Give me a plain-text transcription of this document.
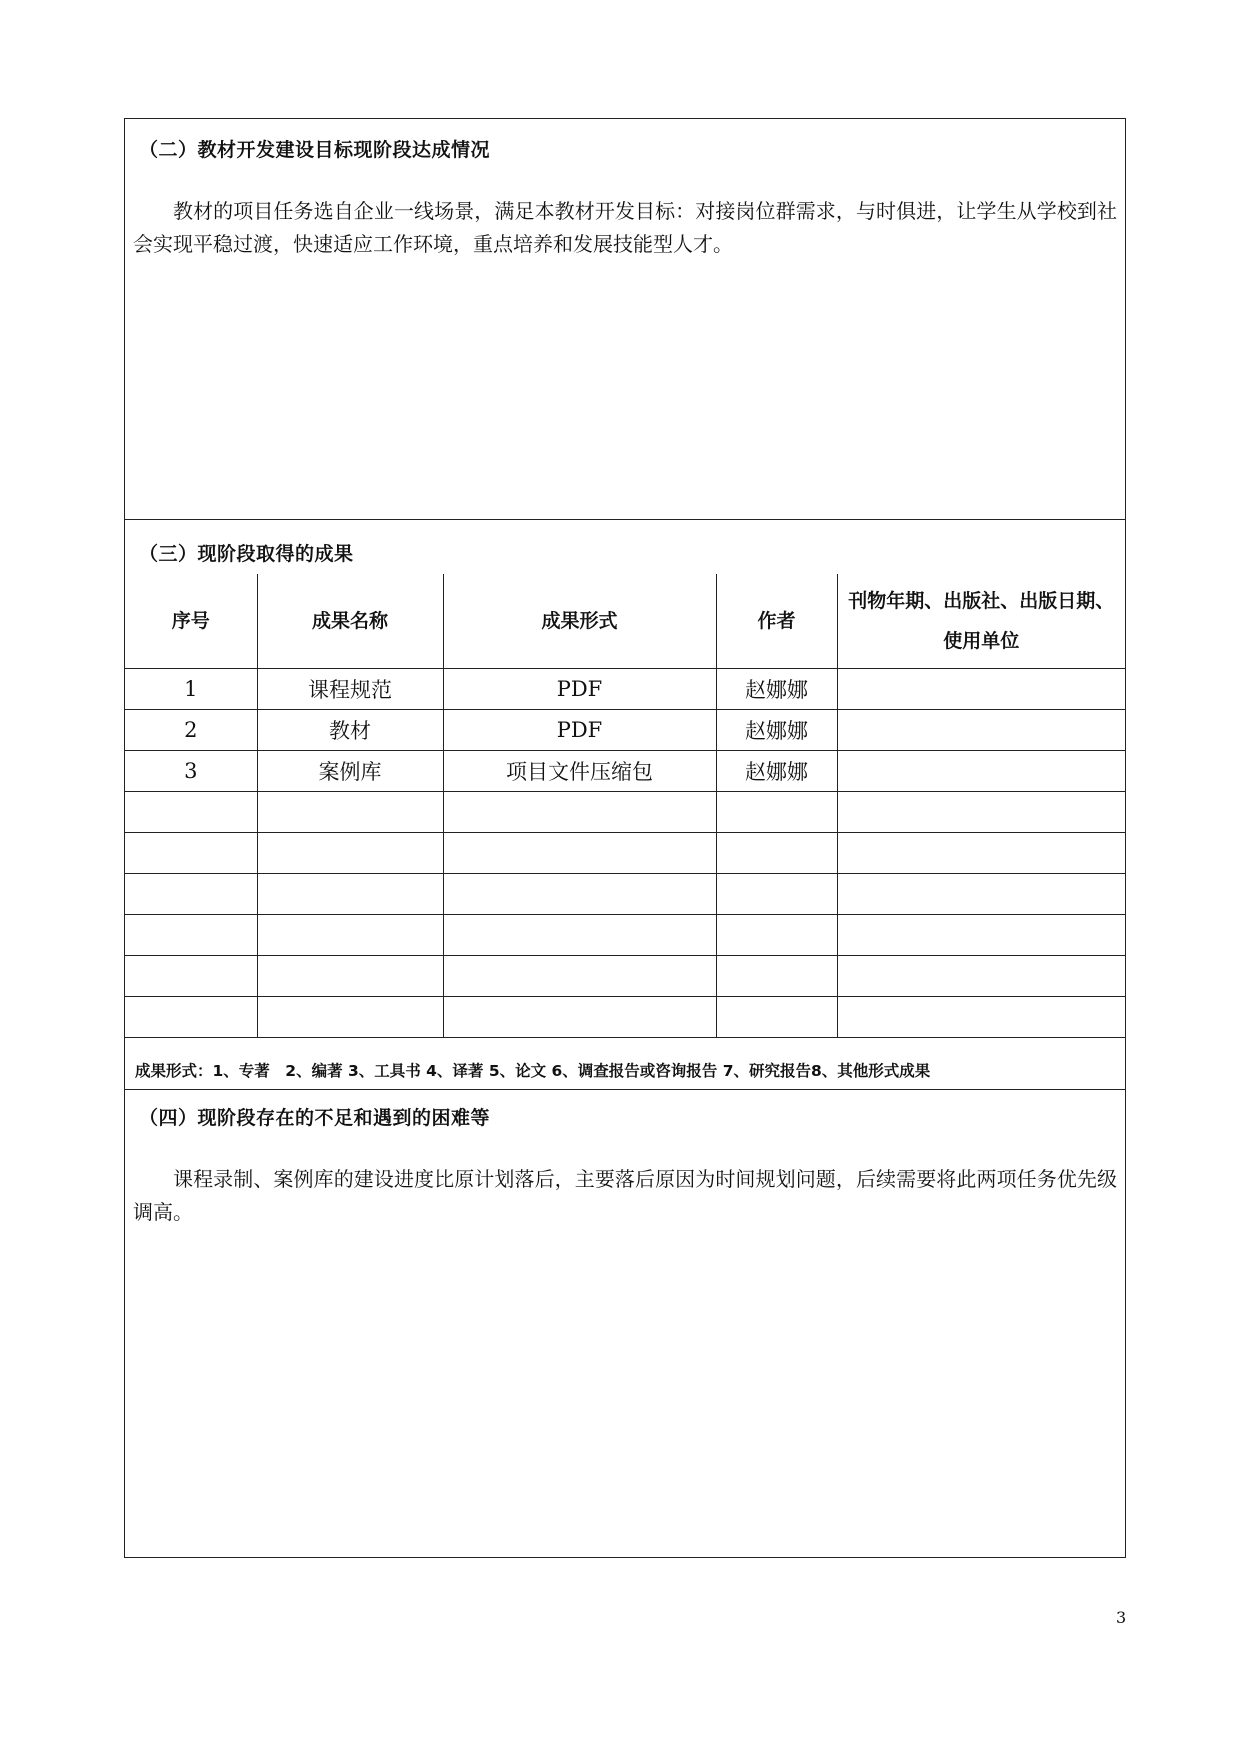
（二）教材开发建设目标现阶段达成情况
教材的项目任务选自企业一线场景，满足本教材开发目标：对接岗位群需求，与时俱进，让学生从学校到社会实现平稳过渡，快速适应工作环境，重点培养和发展技能型人才。
（三）现阶段取得的成果
序号	成果名称	成果形式	作者	刊物年期、出版社、出版日期、使用单位
1	课程规范	PDF	赵娜娜	
2	教材	PDF	赵娜娜	
3	案例库	项目文件压缩包	赵娜娜	

成果形式：1、专著　2、编著 3、工具书 4、译著 5、论文 6、调查报告或咨询报告 7、研究报告8、其他形式成果
（四）现阶段存在的不足和遇到的困难等
课程录制、案例库的建设进度比原计划落后，主要落后原因为时间规划问题，后续需要将此两项任务优先级调高。
3
